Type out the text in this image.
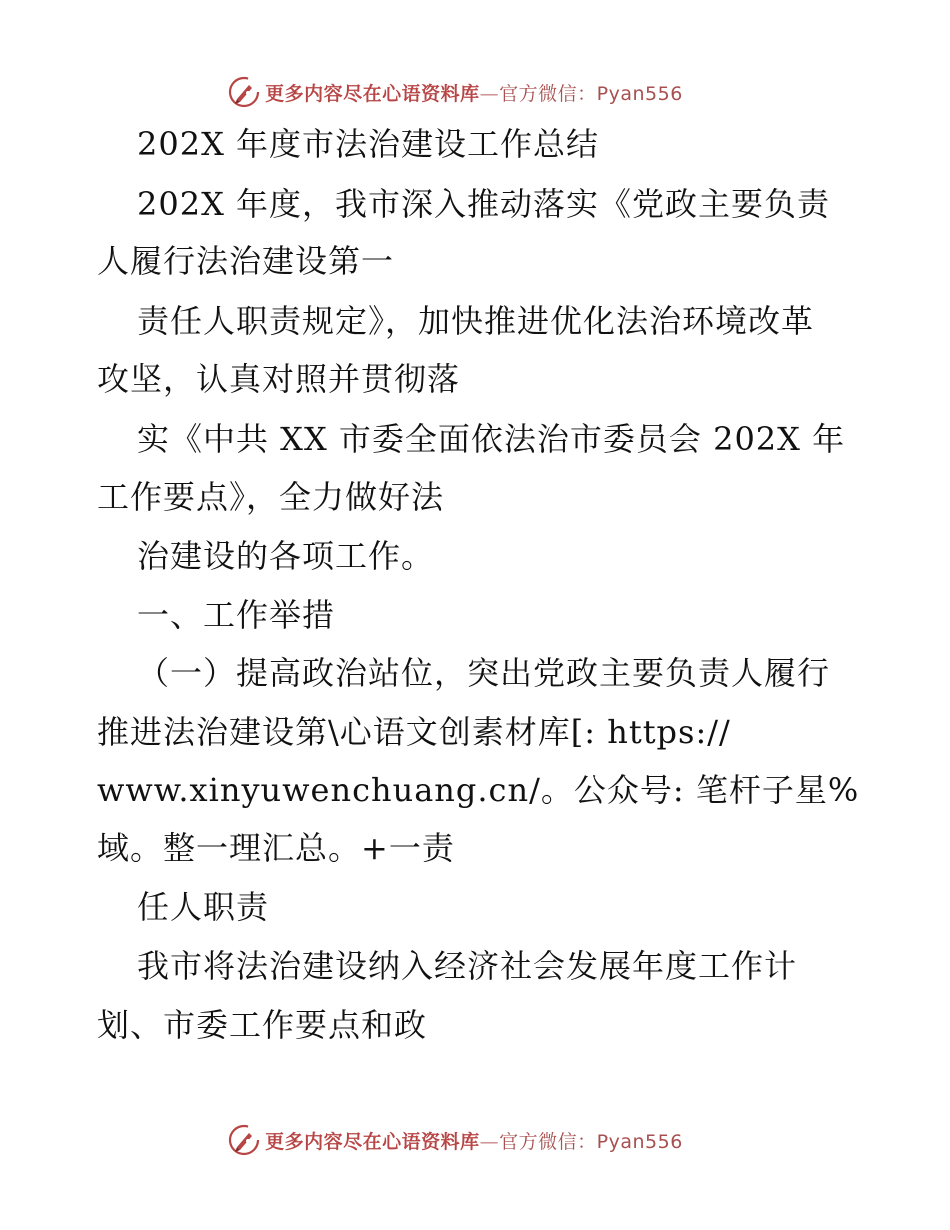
更多内容尽在心语资料库—官方微信：Pyan556
202X 年度市法治建设工作总结
202X 年度，我市深入推动落实《党政主要负责
人履行法治建设第一
责任人职责规定》，加快推进优化法治环境改革
攻坚，认真对照并贯彻落
实《中共 XX 市委全面依法治市委员会 202X 年
工作要点》，全力做好法
治建设的各项工作。
一、工作举措
（一）提高政治站位，突出党政主要负责人履行
推进法治建设第\心语文创素材库[: https://
www.xinyuwenchuang.cn/。公众号: 笔杆子星%
域。整一理汇总。+一责
任人职责
我市将法治建设纳入经济社会发展年度工作计
划、市委工作要点和政
更多内容尽在心语资料库—官方微信：Pyan556
